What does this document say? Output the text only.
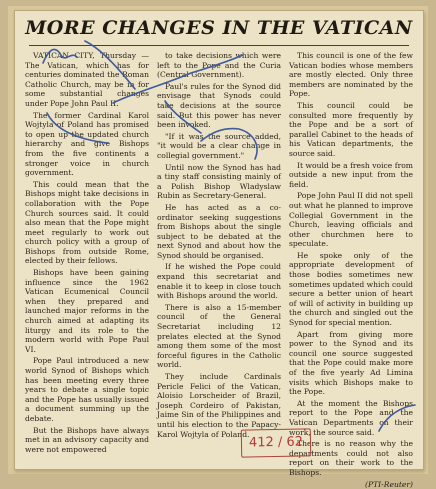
MORE CHANGES IN THE VATICAN

VATICAN CITY, Thursday — The Vatican, which has for centuries dominated the Roman Catholic Church, may be in for some substantial changes under Pope John Paul II.

The former Cardinal Karol Wojtyla of Poland has promised to open up the updated church hierarchy and give Bishops from the five continents a stronger voice in church government.

This could mean that the Bishops might take decisions in collaboration with the Pope Church sources said. It could also mean that the Pope might meet regularly to work out church policy with a group of Bishops from outside Rome, elected by their fellows.

Bishops have been gaining influence since the 1962 Vatican Ecumenical Council when they prepared and launched major reforms in the church aimed at adapting its liturgy and its role to the modern world with Pope Paul VI.

Pope Paul introduced a new world Synod of Bishops which has been meeting every three years to debate a single topic and the Pope has usually issued a document summing up the debate.

But the Bishops have always met in an advisory capacity and were not empowered

to take decisions which were left to the Pope and the Curia (Central Government).

Paul's rules for the Synod did envisage that Synods could take decisions at the source said. But this power has never been invoked.

"If it was the source added, "it would be a clear change in collegial government."

Until now the Synod has had a tiny staff consisting mainly of a Polish Bishop Wladyslaw Rubin as Secretary-General.

He has acted as a co-ordinator seeking suggestions from Bishops about the single subject to be debated at the next Synod and about how the Synod should be organised.

If he wished the Pope could expand this secretariat and enable it to keep in close touch with Bishops around the world.

There is also a 15-member council of the General Secretariat including 12 prelates elected at the Synod among them some of the most forceful figures in the Catholic world.

They include Cardinals Pericle Felici of the Vatican, Aloisio Lorscheider of Brazil, Joseph Cordeiro of Pakistan, Jaime Sin of the Philippines and until his election to the Papacy-Karol Wojtyla of Poland.

This council is one of the few Vatican bodies whose members are mostly elected. Only three members are nominated by the Pope.

This council could be consulted more frequently by the Pope and be a sort of parallel Cabinet to the heads of his Vatican departments, the source said.

It would be a fresh voice from outside a new input from the field.

Pope John Paul II did not spell out what he planned to improve Collegial Government in the Church, leaving officials and other churchmen here to speculate.

He spoke only of the appropriate development of those bodies sometimes new sometimes updated which could secure a better union of heart of will of activity in building up the church and singled out the Synod for special mention.

Apart from giving more power to the Synod and its council one source suggested that the Pope could make more of the five yearly Ad Limina visits which Bishops make to the Pope.

At the moment the Bishops report to the Pope and the Vatican Departments on their work, the source said.

There is no reason why the departments could not also report on their work to the Bishops.

(PTI-Reuter)
412 / 62
